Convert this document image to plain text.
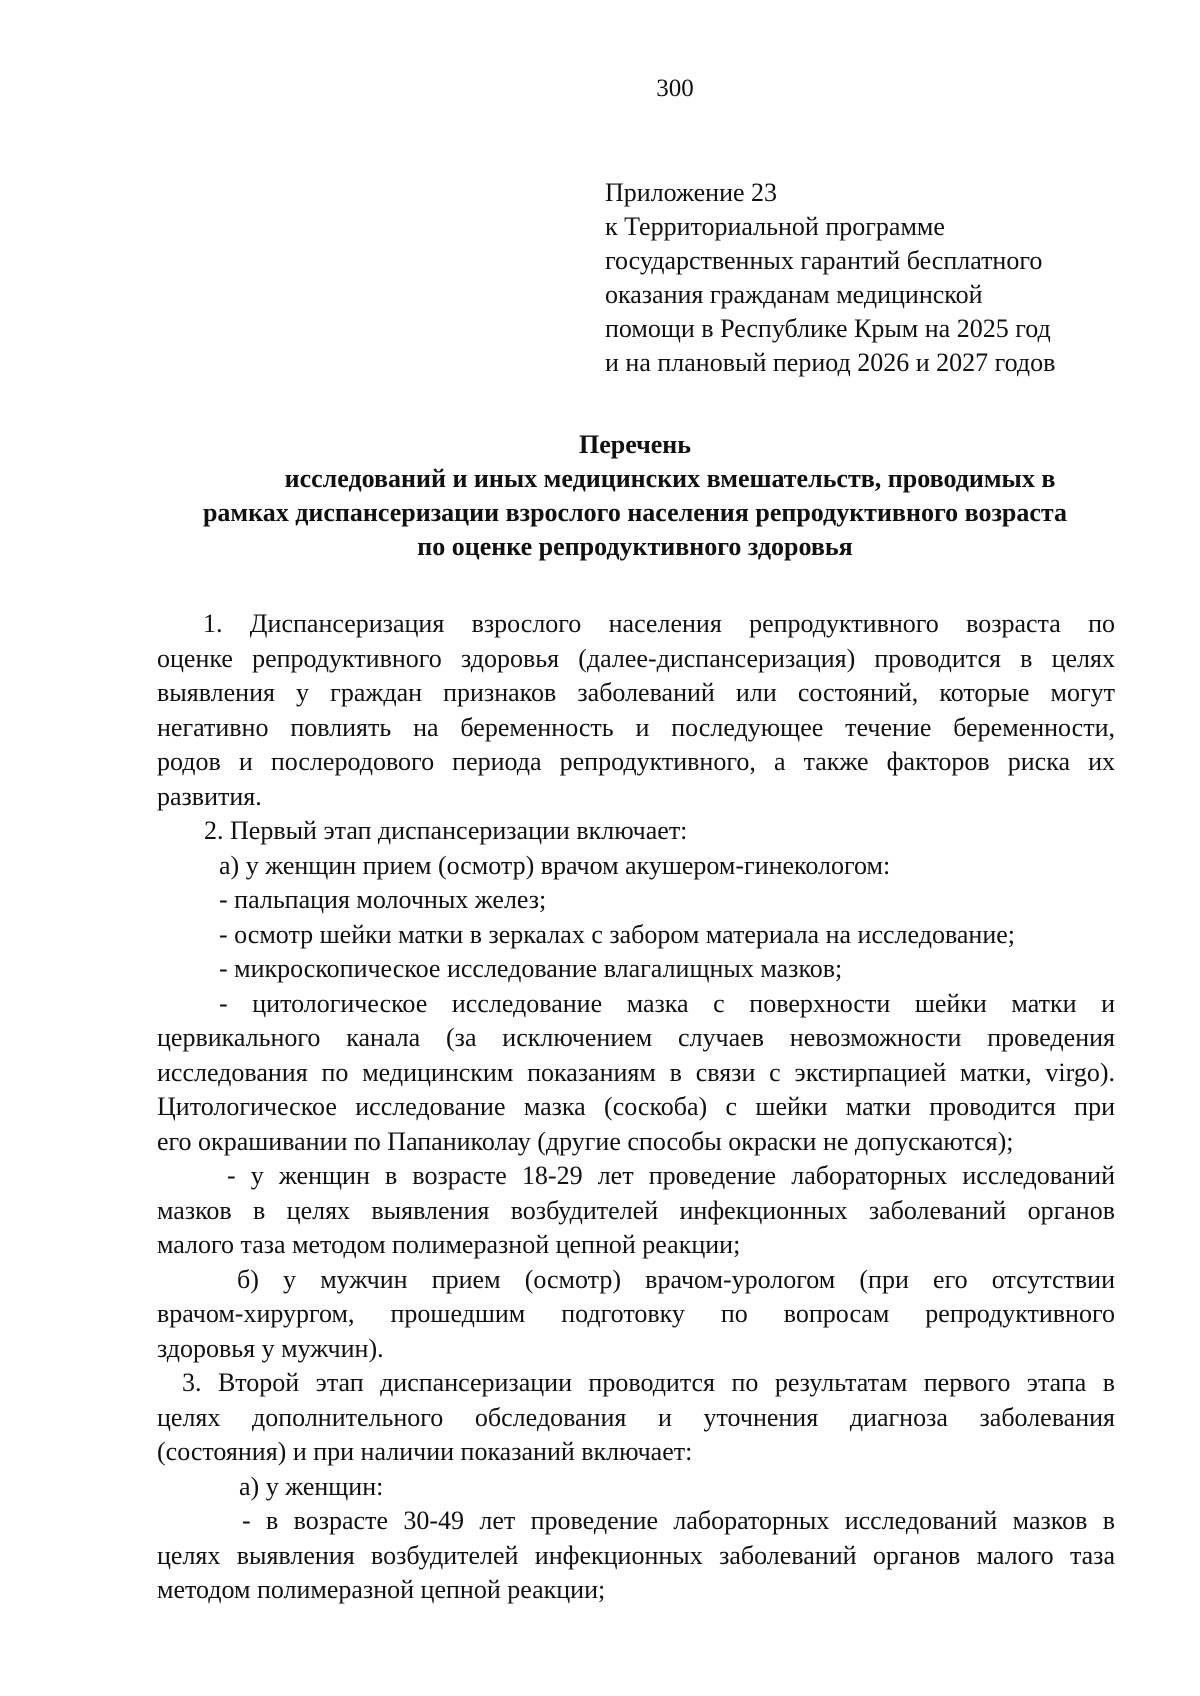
300
Приложение 23
к Территориальной программе
государственных гарантий бесплатного
оказания гражданам медицинской
помощи в Республике Крым на 2025 год
и на плановый период 2026 и 2027 годов
Перечень
исследований и иных медицинских вмешательств, проводимых в
рамках диспансеризации взрослого населения репродуктивного возраста
по оценке репродуктивного здоровья
1. Диспансеризация взрослого населения репродуктивного возраста по
оценке репродуктивного здоровья (далее-диспансеризация) проводится в целях
выявления у граждан признаков заболеваний или состояний, которые могут
негативно повлиять на беременность и последующее течение беременности,
родов и послеродового периода репродуктивного, а также факторов риска их
развития.
2. Первый этап диспансеризации включает:
а) у женщин прием (осмотр) врачом акушером-гинекологом:
- пальпация молочных желез;
- осмотр шейки матки в зеркалах с забором материала на исследование;
- микроскопическое исследование влагалищных мазков;
- цитологическое исследование мазка с поверхности шейки матки и
цервикального канала (за исключением случаев невозможности проведения
исследования по медицинским показаниям в связи с экстирпацией матки, virgo).
Цитологическое исследование мазка (соскоба) с шейки матки проводится при
его окрашивании по Папаниколау (другие способы окраски не допускаются);
- у женщин в возрасте 18-29 лет проведение лабораторных исследований
мазков в целях выявления возбудителей инфекционных заболеваний органов
малого таза методом полимеразной цепной реакции;
б) у мужчин прием (осмотр) врачом-урологом (при его отсутствии
врачом-хирургом, прошедшим подготовку по вопросам репродуктивного
здоровья у мужчин).
3. Второй этап диспансеризации проводится по результатам первого этапа в
целях дополнительного обследования и уточнения диагноза заболевания
(состояния) и при наличии показаний включает:
а) у женщин:
- в возрасте 30-49 лет проведение лабораторных исследований мазков в
целях выявления возбудителей инфекционных заболеваний органов малого таза
методом полимеразной цепной реакции;
